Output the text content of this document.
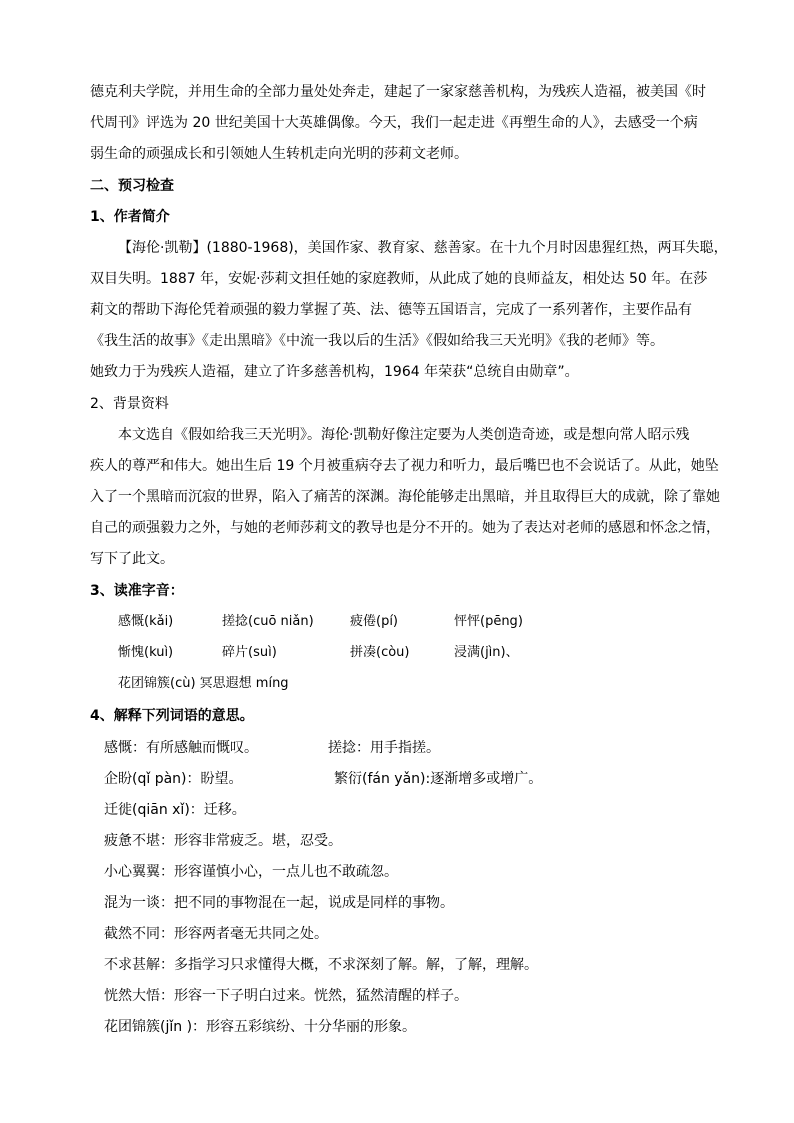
德克利夫学院，并用生命的全部力量处处奔走，建起了一家家慈善机构，为残疾人造福，被美国《时
代周刊》评选为 20 世纪美国十大英雄偶像。今天，我们一起走进《再塑生命的人》，去感受一个病
弱生命的顽强成长和引领她人生转机走向光明的莎莉文老师。
二、预习检查
1、作者简介
【海伦·凯勒】(1880-1968)，美国作家、教育家、慈善家。在十九个月时因患猩红热，两耳失聪，
双目失明。1887 年，安妮·莎莉文担任她的家庭教师，从此成了她的良师益友，相处达 50 年。在莎
莉文的帮助下海伦凭着顽强的毅力掌握了英、法、德等五国语言，完成了一系列著作，主要作品有
《我生活的故事》《走出黑暗》《中流一我以后的生活》《假如给我三天光明》《我的老师》等。
她致力于为残疾人造福，建立了许多慈善机构，1964 年荣获“总统自由勋章”。
2、背景资料
本文选自《假如给我三天光明》。海伦·凯勒好像注定要为人类创造奇迹，或是想向常人昭示残
疾人的尊严和伟大。她出生后 19 个月被重病夺去了视力和听力，最后嘴巴也不会说话了。从此，她坠
入了一个黑暗而沉寂的世界，陷入了痛苦的深渊。海伦能够走出黑暗，并且取得巨大的成就，除了靠她
自己的顽强毅力之外，与她的老师莎莉文的教导也是分不开的。她为了表达对老师的感恩和怀念之情，
写下了此文。
3、读准字音：
感慨(kǎi)	搓捻(cuō niǎn)	疲倦(pí)	怦怦(pēng)
惭愧(kuì)	碎片(suì)	拼凑(còu)	浸满(jìn)、
花团锦簇(cù) 冥思遐想 míng
4、解释下列词语的意思。
感慨：有所感触而慨叹。	搓捻：用手指搓。
企盼(qǐ pàn)：盼望。	繁衍(fán yǎn):逐渐增多或增广。
迁徙(qiān xǐ)：迁移。
疲惫不堪：形容非常疲乏。堪，忍受。
小心翼翼：形容谨慎小心，一点儿也不敢疏忽。
混为一谈：把不同的事物混在一起，说成是同样的事物。
截然不同：形容两者毫无共同之处。
不求甚解：多指学习只求懂得大概，不求深刻了解。解，了解，理解。
恍然大悟：形容一下子明白过来。恍然，猛然清醒的样子。
花团锦簇(jǐn )：形容五彩缤纷、十分华丽的形象。
